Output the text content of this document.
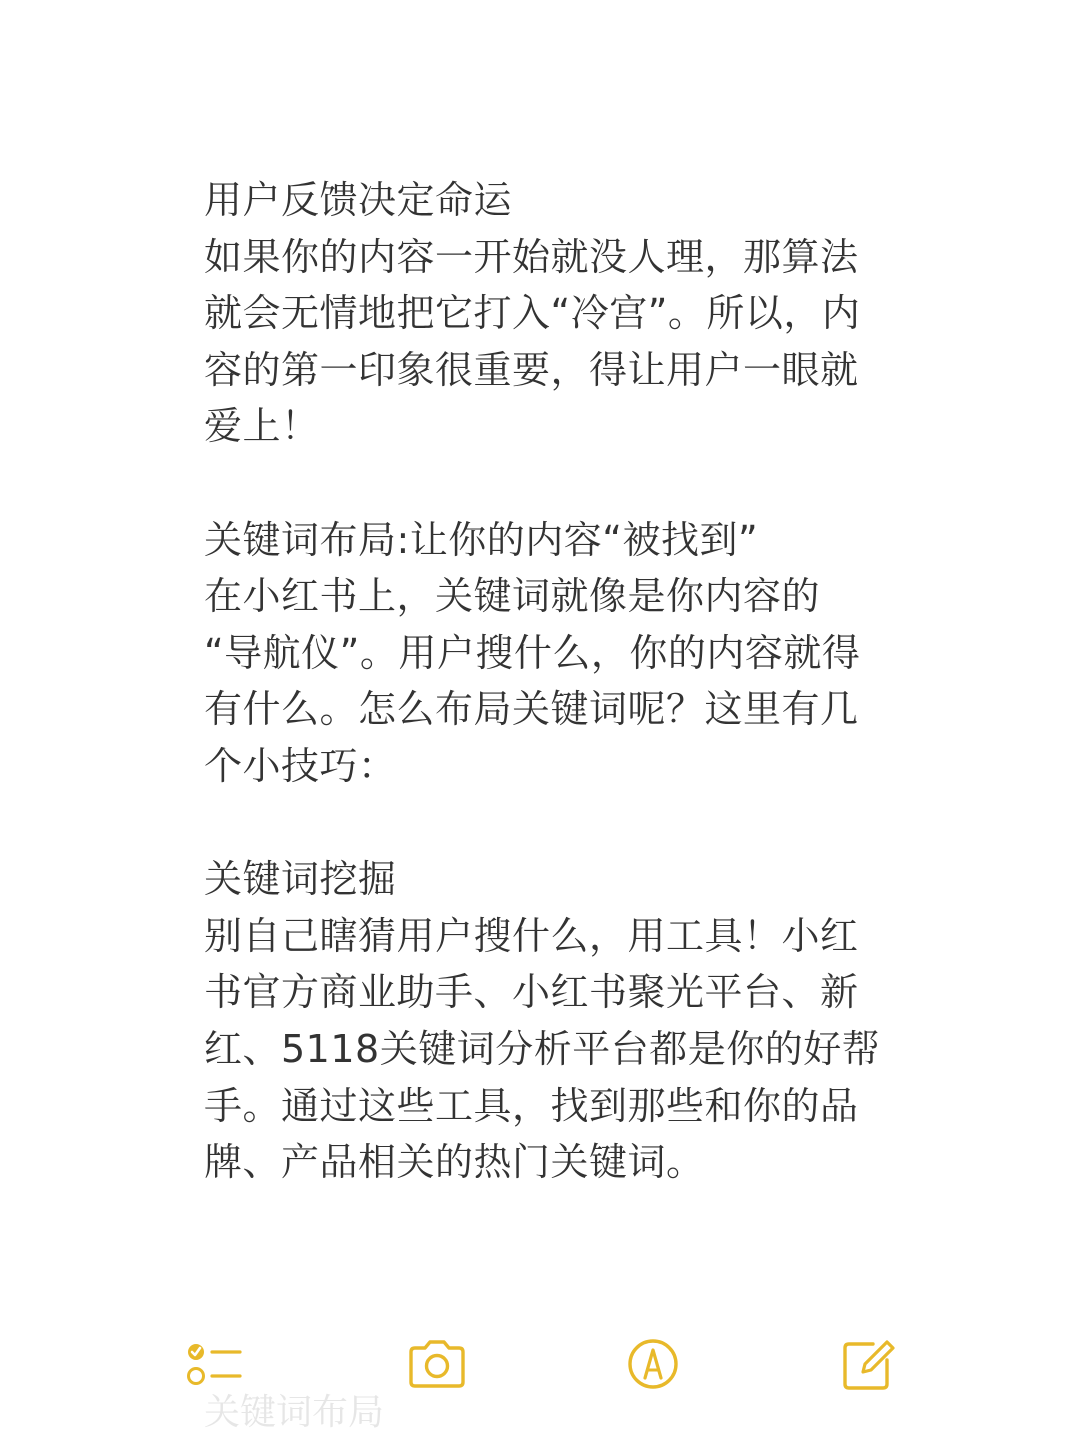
用户反馈决定命运
如果你的内容一开始就没人理，那算法
就会无情地把它打入“冷宫”。所以，内
容的第一印象很重要，得让用户一眼就
爱上！
关键词布局:让你的内容“被找到”
在小红书上，关键词就像是你内容的
“导航仪”。用户搜什么，你的内容就得
有什么。怎么布局关键词呢？这里有几
个小技巧：
关键词挖掘
别自己瞎猜用户搜什么，用工具！小红
书官方商业助手、小红书聚光平台、新
红、5118关键词分析平台都是你的好帮
手。通过这些工具，找到那些和你的品
牌、产品相关的热门关键词。
关键词布局
